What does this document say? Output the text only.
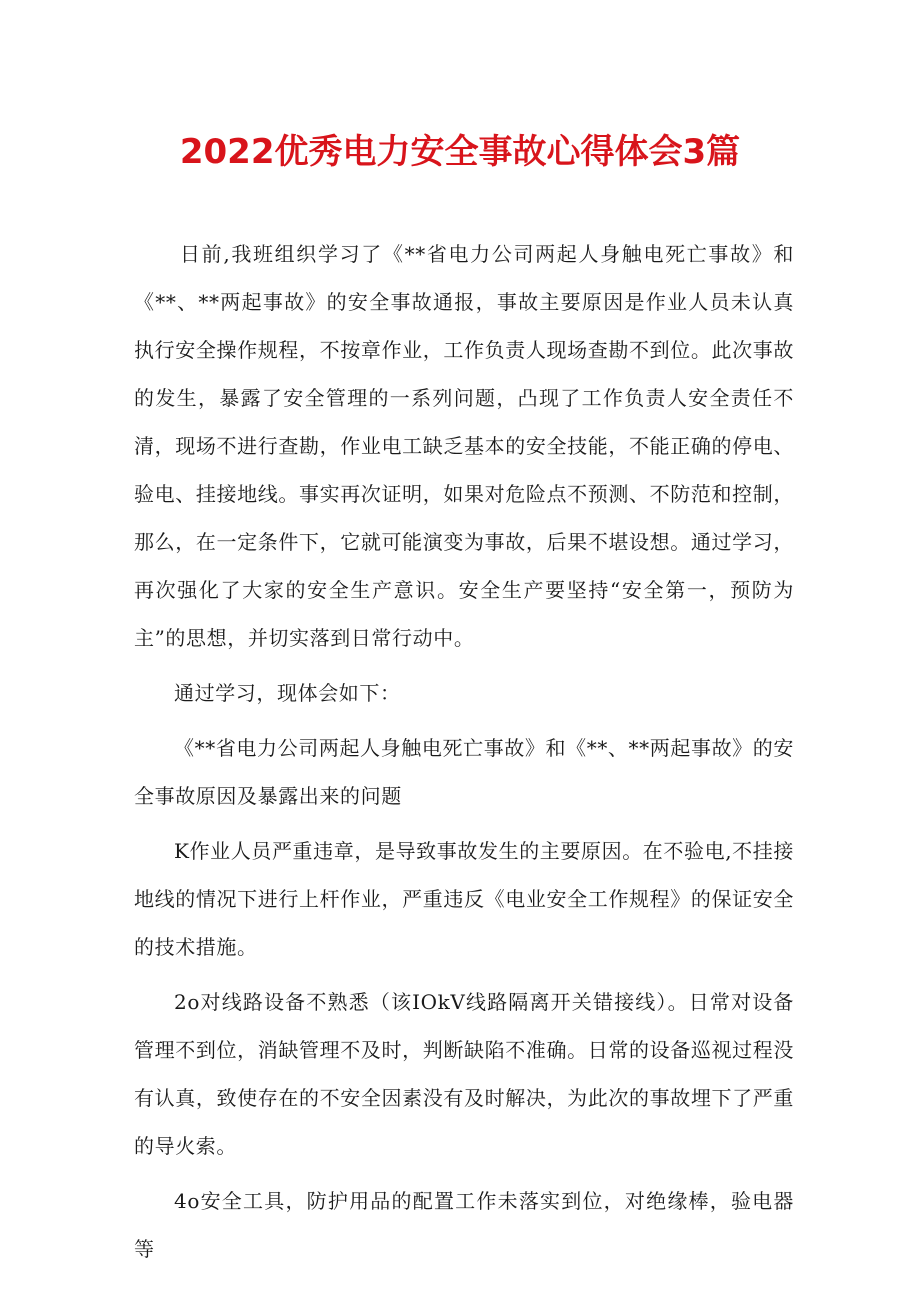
2022优秀电力安全事故心得体会3篇

日前,我班组织学习了《**省电力公司两起人身触电死亡事故》和《**、**两起事故》的安全事故通报，事故主要原因是作业人员未认真执行安全操作规程，不按章作业，工作负责人现场查勘不到位。此次事故的发生，暴露了安全管理的一系列问题，凸现了工作负责人安全责任不清，现场不进行查勘，作业电工缺乏基本的安全技能，不能正确的停电、验电、挂接地线。事实再次证明，如果对危险点不预测、不防范和控制，那么，在一定条件下，它就可能演变为事故，后果不堪设想。通过学习，再次强化了大家的安全生产意识。安全生产要坚持“安全第一，预防为主”的思想，并切实落到日常行动中。

通过学习，现体会如下：

《**省电力公司两起人身触电死亡事故》和《**、**两起事故》的安全事故原因及暴露出来的问题

K作业人员严重违章，是导致事故发生的主要原因。在不验电,不挂接地线的情况下进行上杆作业，严重违反《电业安全工作规程》的保证安全的技术措施。

2o对线路设备不熟悉（该IOkV线路隔离开关错接线）。日常对设备管理不到位，消缺管理不及时，判断缺陷不准确。日常的设备巡视过程没有认真，致使存在的不安全因素没有及时解决，为此次的事故埋下了严重的导火索。

4o安全工具，防护用品的配置工作未落实到位，对绝缘棒，验电器等
